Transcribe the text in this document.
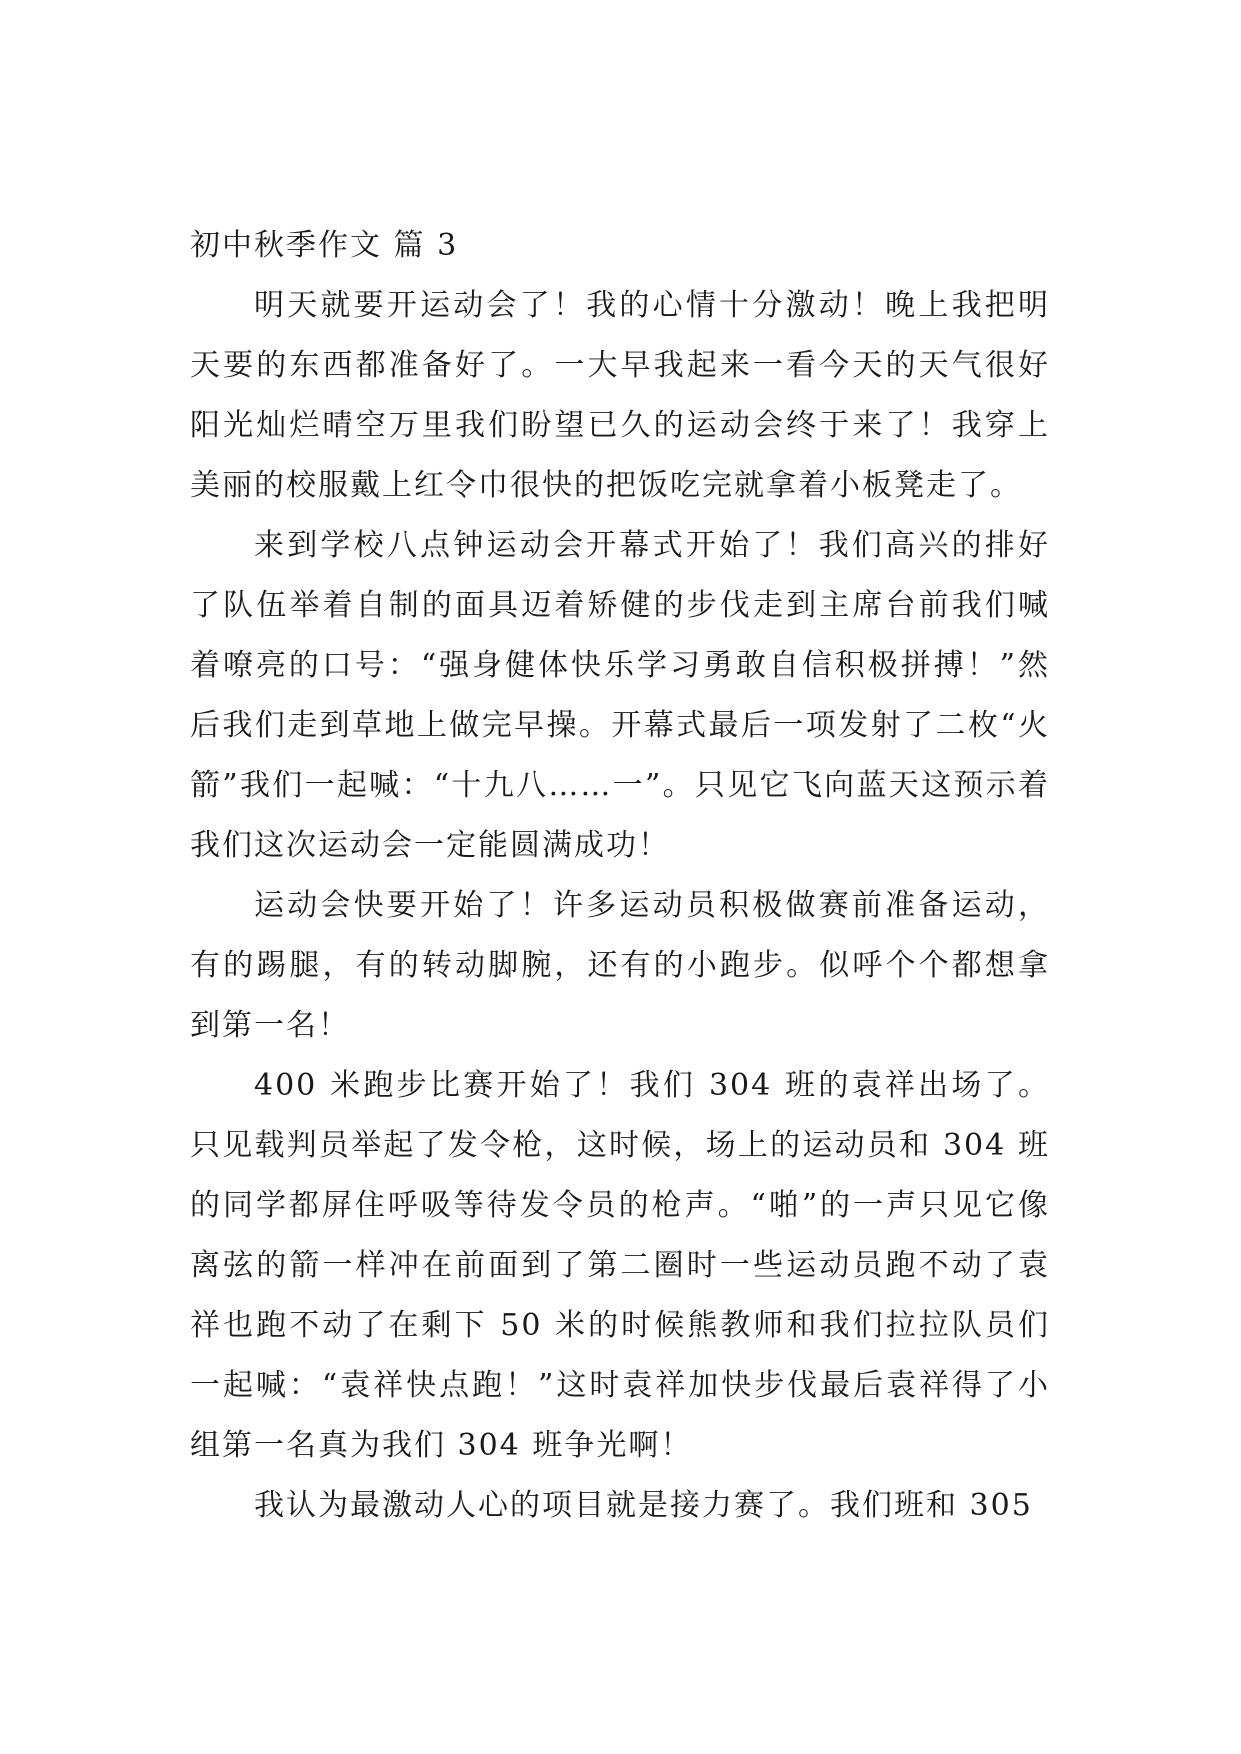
初中秋季作文 篇 3

明天就要开运动会了！我的心情十分激动！晚上我把明天要的东西都准备好了。一大早我起来一看今天的天气很好阳光灿烂晴空万里我们盼望已久的运动会终于来了！我穿上美丽的校服戴上红令巾很快的把饭吃完就拿着小板凳走了。

来到学校八点钟运动会开幕式开始了！我们高兴的排好了队伍举着自制的面具迈着矫健的步伐走到主席台前我们喊着嘹亮的口号：“强身健体快乐学习勇敢自信积极拼搏！”然后我们走到草地上做完早操。开幕式最后一项发射了二枚“火箭”我们一起喊：“十九八……一”。只见它飞向蓝天这预示着我们这次运动会一定能圆满成功！

运动会快要开始了！许多运动员积极做赛前准备运动，有的踢腿，有的转动脚腕，还有的小跑步。似呼个个都想拿到第一名！

400 米跑步比赛开始了！我们 304 班的袁祥出场了。只见载判员举起了发令枪，这时候，场上的运动员和 304 班的同学都屏住呼吸等待发令员的枪声。“啪”的一声只见它像离弦的箭一样冲在前面到了第二圈时一些运动员跑不动了袁祥也跑不动了在剩下 50 米的时候熊教师和我们拉拉队员们一起喊：“袁祥快点跑！”这时袁祥加快步伐最后袁祥得了小组第一名真为我们 304 班争光啊！

我认为最激动人心的项目就是接力赛了。我们班和 305
